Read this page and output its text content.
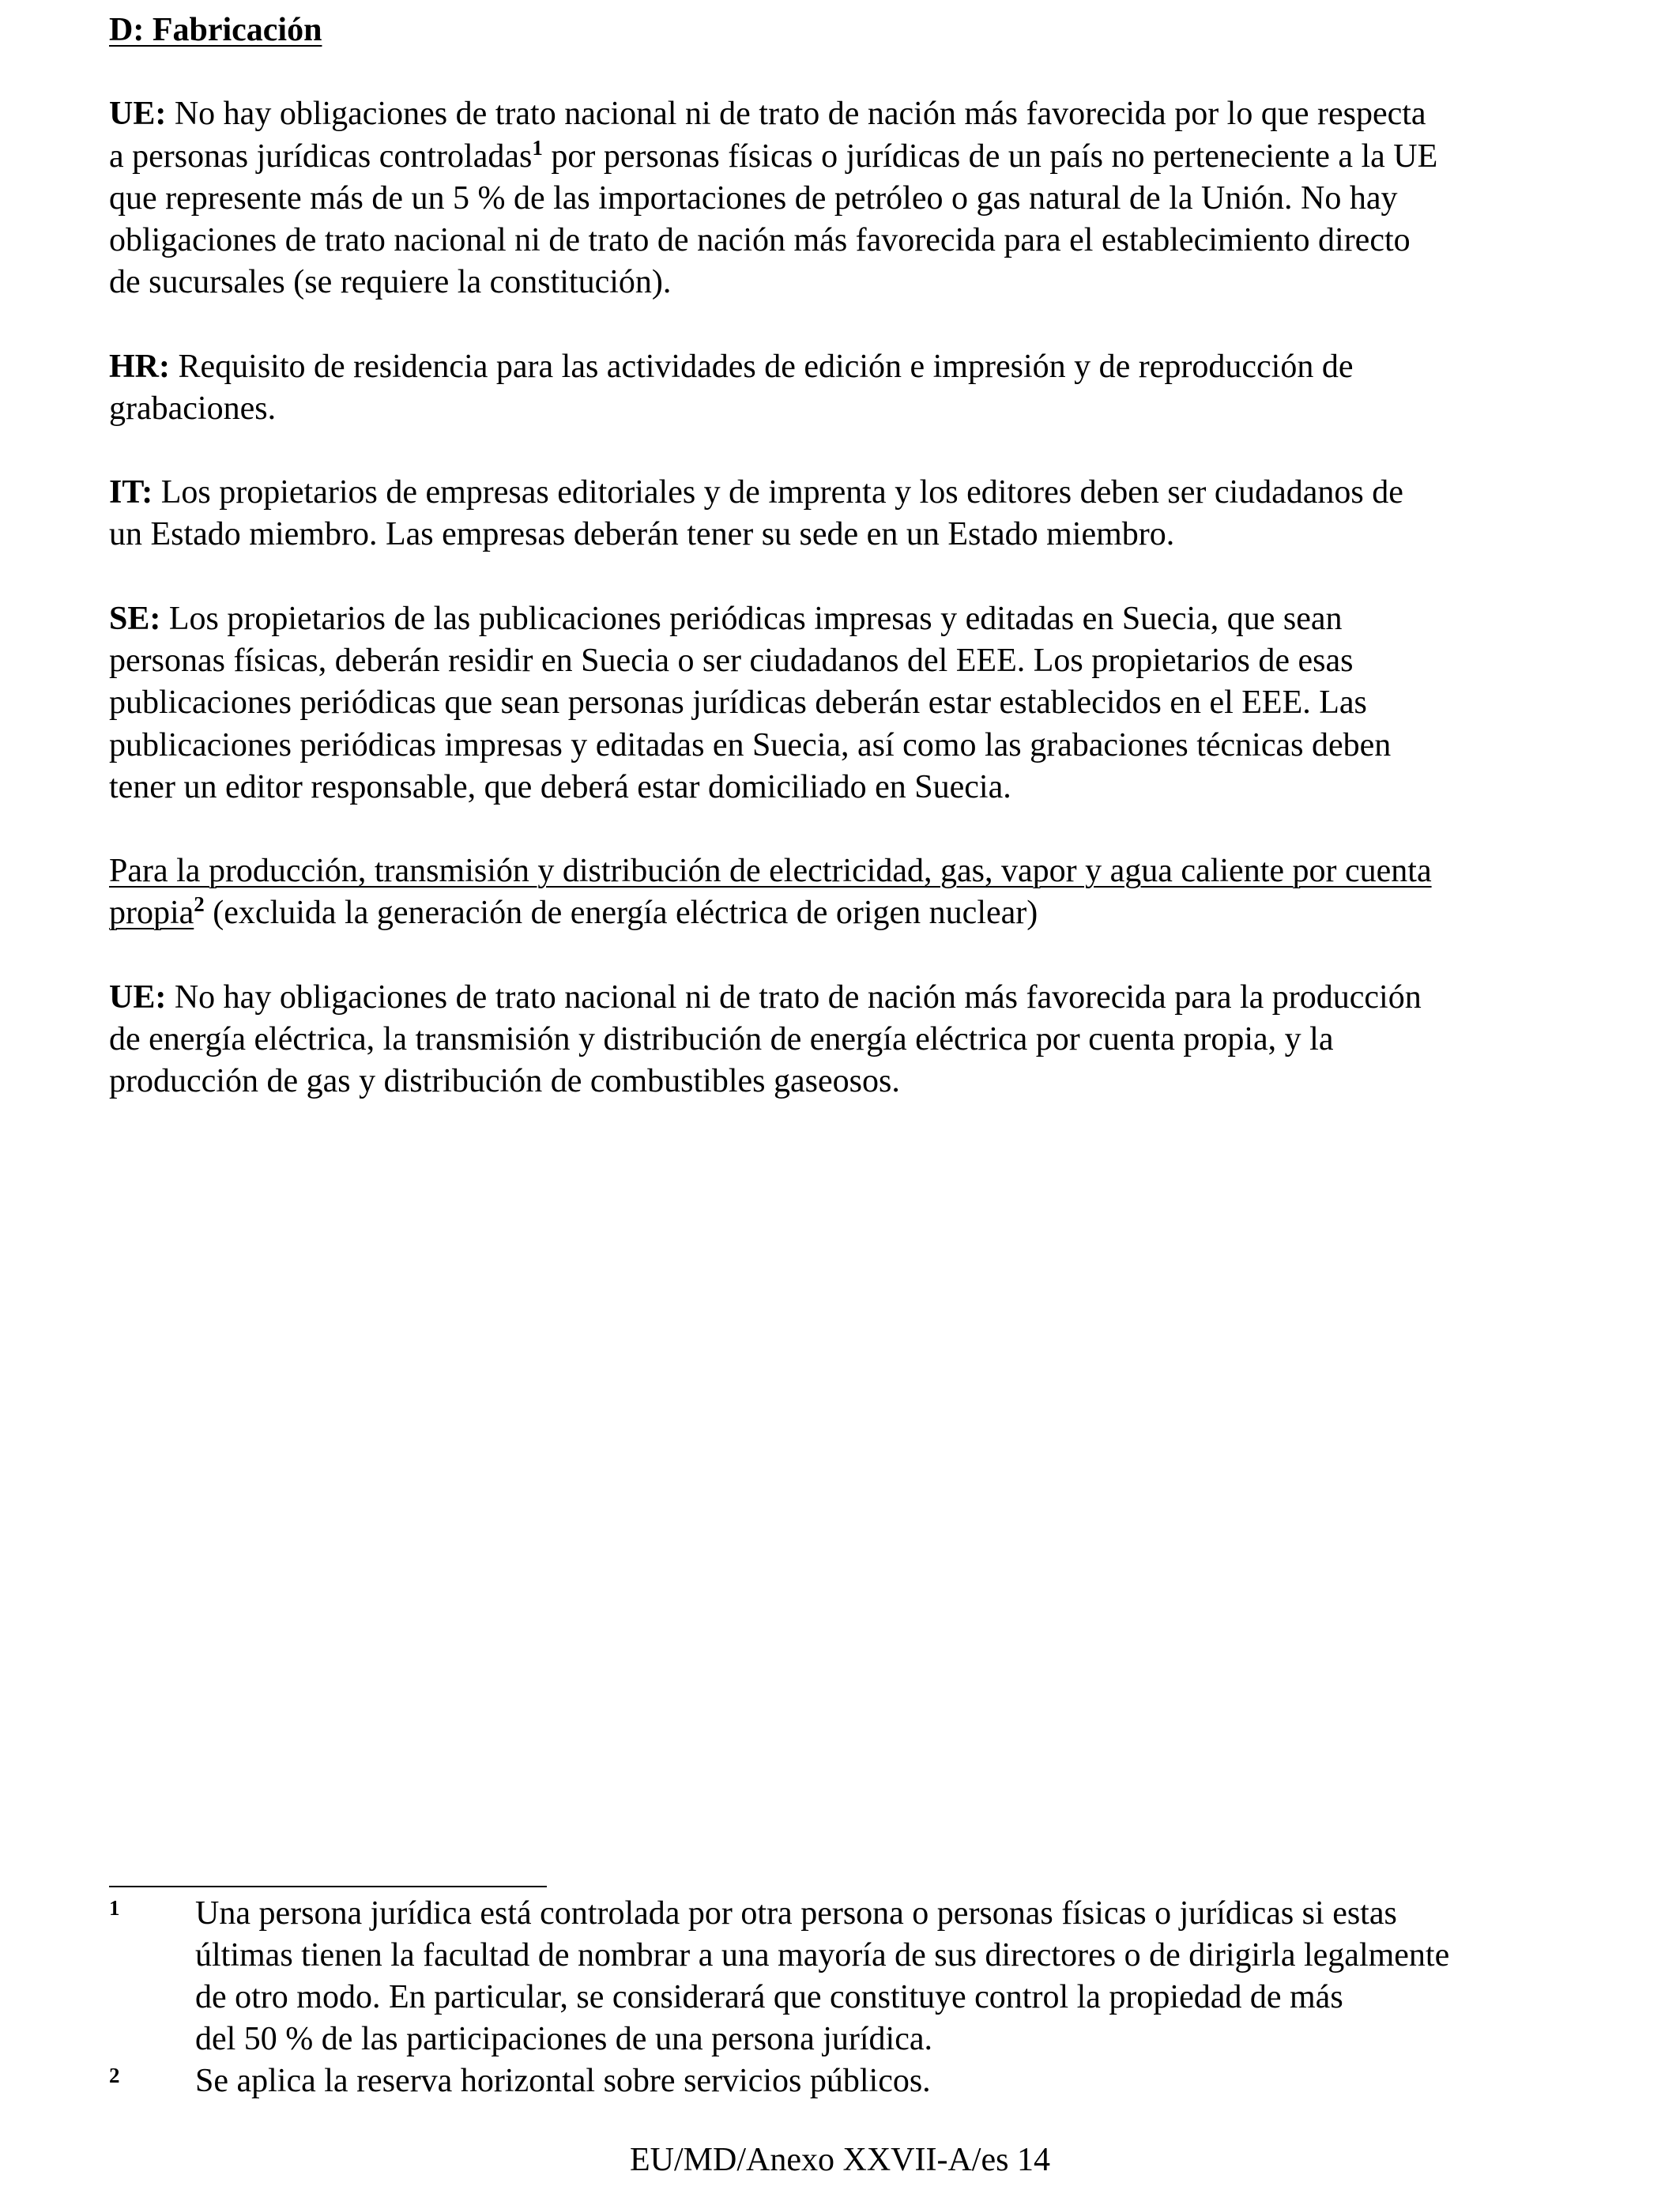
D: Fabricación
UE: No hay obligaciones de trato nacional ni de trato de nación más favorecida por lo que respecta
a personas jurídicas controladas$^1$ por personas físicas o jurídicas de un país no perteneciente a la UE
que represente más de un 5 % de las importaciones de petróleo o gas natural de la Unión. No hay
obligaciones de trato nacional ni de trato de nación más favorecida para el establecimiento directo
de sucursales (se requiere la constitución).
HR: Requisito de residencia para las actividades de edición e impresión y de reproducción de
grabaciones.
IT: Los propietarios de empresas editoriales y de imprenta y los editores deben ser ciudadanos de
un Estado miembro. Las empresas deberán tener su sede en un Estado miembro.
SE: Los propietarios de las publicaciones periódicas impresas y editadas en Suecia, que sean
personas físicas, deberán residir en Suecia o ser ciudadanos del EEE. Los propietarios de esas
publicaciones periódicas que sean personas jurídicas deberán estar establecidos en el EEE. Las
publicaciones periódicas impresas y editadas en Suecia, así como las grabaciones técnicas deben
tener un editor responsable, que deberá estar domiciliado en Suecia.
Para la producción, transmisión y distribución de electricidad, gas, vapor y agua caliente por cuenta
propia$^2$ (excluida la generación de energía eléctrica de origen nuclear)
UE: No hay obligaciones de trato nacional ni de trato de nación más favorecida para la producción
de energía eléctrica, la transmisión y distribución de energía eléctrica por cuenta propia, y la
producción de gas y distribución de combustibles gaseosos.
1 Una persona jurídica está controlada por otra persona o personas físicas o jurídicas si estas
últimas tienen la facultad de nombrar a una mayoría de sus directores o de dirigirla legalmente
de otro modo. En particular, se considerará que constituye control la propiedad de más
del 50 % de las participaciones de una persona jurídica.
2 Se aplica la reserva horizontal sobre servicios públicos.
EU/MD/Anexo XXVII-A/es 14
